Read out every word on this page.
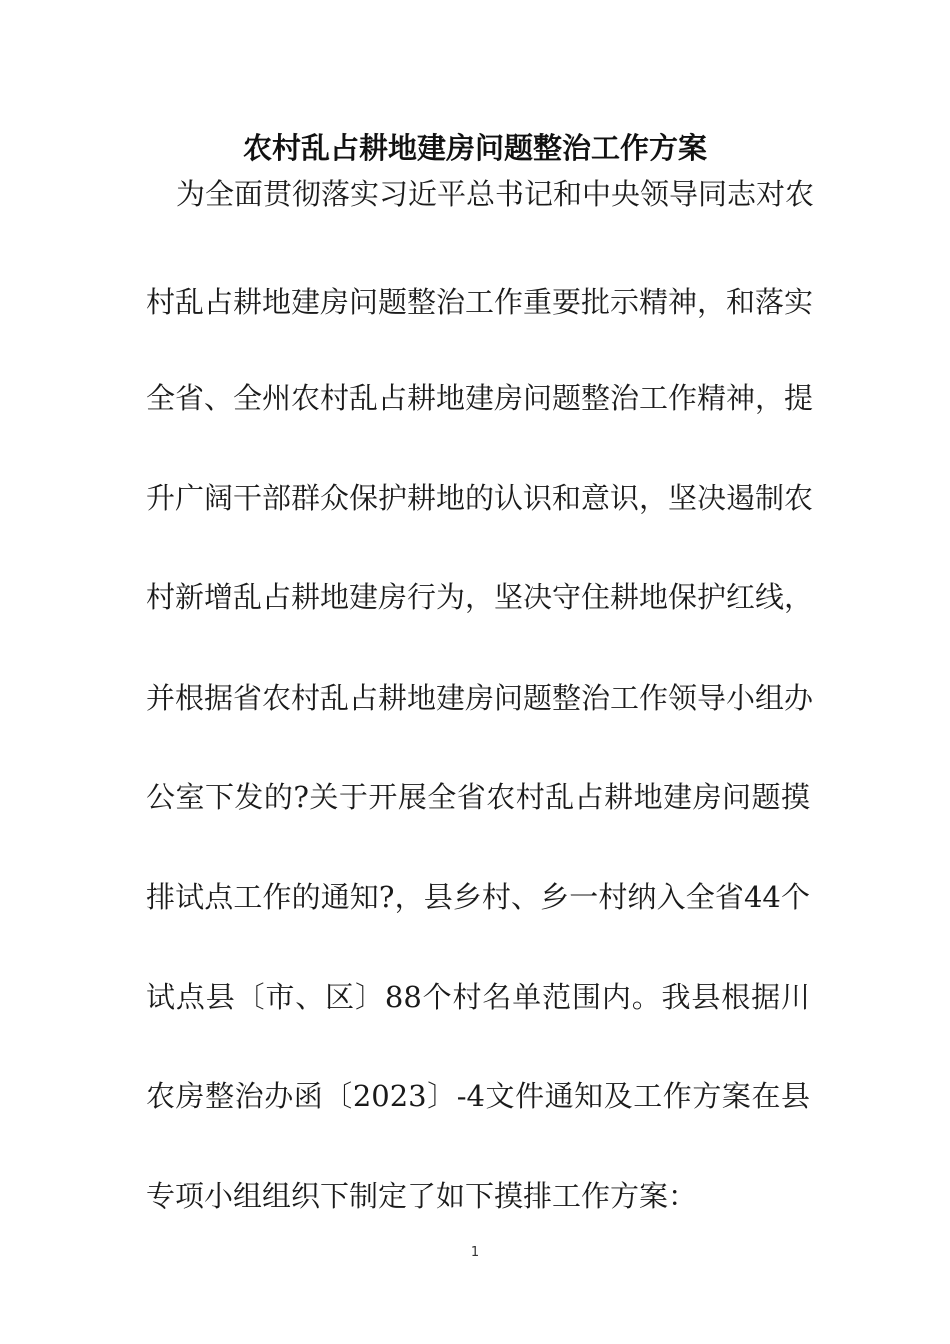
农村乱占耕地建房问题整治工作方案
为全面贯彻落实习近平总书记和中央领导同志对农
村乱占耕地建房问题整治工作重要批示精神，和落实
全省、全州农村乱占耕地建房问题整治工作精神，提
升广阔干部群众保护耕地的认识和意识，坚决遏制农
村新增乱占耕地建房行为，坚决守住耕地保护红线，
并根据省农村乱占耕地建房问题整治工作领导小组办
公室下发的?关于开展全省农村乱占耕地建房问题摸
排试点工作的通知?，县乡村、乡一村纳入全省44个
试点县〔市、区〕88个村名单范围内。我县根据川
农房整治办函〔2023〕-4文件通知及工作方案在县
专项小组组织下制定了如下摸排工作方案：
1
